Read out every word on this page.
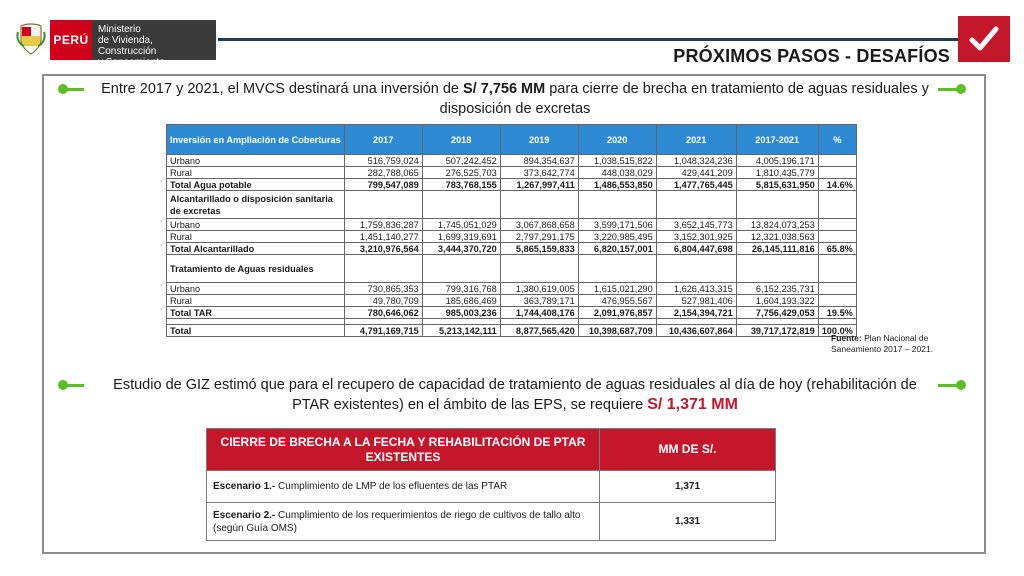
PERÚ
Ministerio
de Vivienda, Construcción
y Saneamiento	PRÓXIMOS PASOS - DESAFÍOS
Entre 2017 y 2021, el MVCS destinará una inversión de S/ 7,756 MM para cierre de brecha en tratamiento de aguas residuales y disposición de excretas
Inversión en Ampliación de Coberturas	2017	2018	2019	2020	2021	2017-2021	%
Urbano	516,759,024	507,242,452	894,354,637	1,038,515,822	1,048,324,236	4,005,196,171	
Rural	282,788,065	276,525,703	373,642,774	448,038,029	429,441,209	1,810,435,779	
Total Agua potable	799,547,089	783,768,155	1,267,997,411	1,486,553,850	1,477,765,445	5,815,631,950	14.6%
Alcantarillado o disposición sanitaria de excretas							
Urbano	1,759,836,287	1,745,051,029	3,067,868,658	3,599,171,506	3,652,145,773	13,824,073,253	
Rural	1,451,140,277	1,699,319,691	2,797,291,175	3,220,985,495	3,152,301,925	12,321,038,563	
Total Alcantarillado	3,210,976,564	3,444,370,720	5,865,159,833	6,820,157,001	6,804,447,698	26,145,111,816	65.8%
Tratamiento de Aguas residuales							
Urbano	730,865,353	799,316,768	1,380,619,005	1,615,021,290	1,626,413,315	6,152,235,731	
Rural	49,780,709	185,686,469	363,789,171	476,955,567	527,981,406	1,604,193,322	
Total TAR	780,646,062	985,003,236	1,744,408,176	2,091,976,857	2,154,394,721	7,756,429,053	19.5%

Total	4,791,169,715	5,213,142,111	8,877,565,420	10,398,687,709	10,436,607,864	39,717,172,819	100.0%
Fuente: Plan Nacional de Saneamiento 2017 – 2021.
Estudio de GIZ estimó que para el recupero de capacidad de tratamiento de aguas residuales al día de hoy (rehabilitación de PTAR existentes) en el ámbito de las EPS, se requiere S/ 1,371 MM
CIERRE DE BRECHA A LA FECHA Y REHABILITACIÓN DE PTAR EXISTENTES	MM DE S/.
Escenario 1.- Cumplimiento de LMP de los efluentes de las PTAR	1,371
Escenario 2.- Cumplimiento de los requerimientos de riego de cultivos de tallo alto (según Guía OMS)	1,331
